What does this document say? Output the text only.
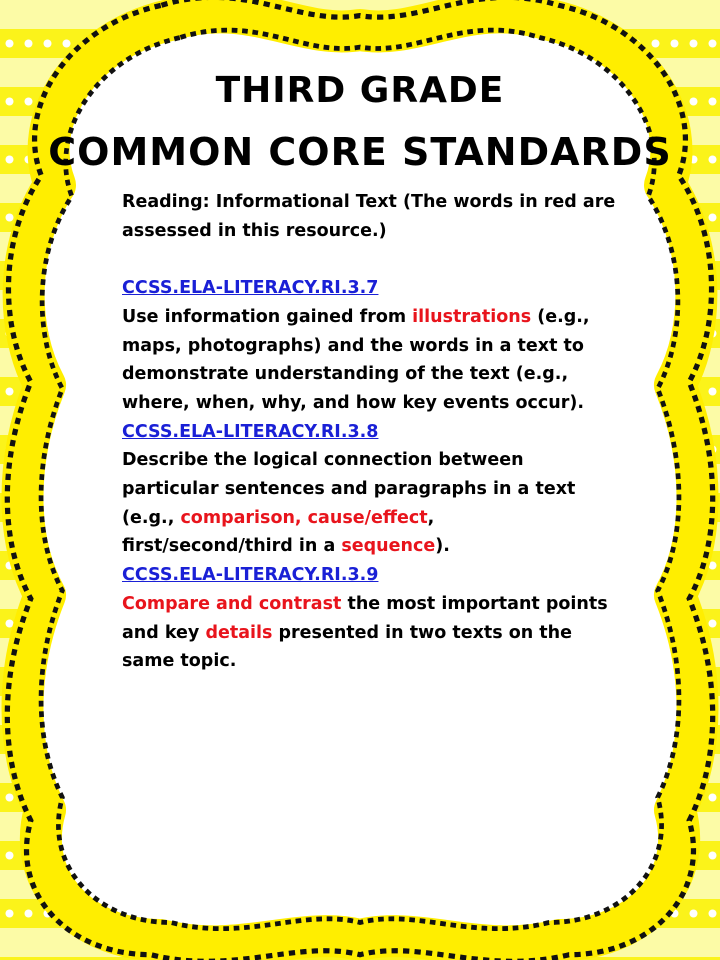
THIRD GRADE
COMMON CORE STANDARDS

Reading: Informational Text (The words in red are

assessed in this resource.)

CCSS.ELA-LITERACY.RI.3.7

Use information gained from illustrations (e.g.,

maps, photographs) and the words in a text to

demonstrate understanding of the text (e.g.,

where, when, why, and how key events occur).

CCSS.ELA-LITERACY.RI.3.8

Describe the logical connection between

particular sentences and paragraphs in a text

(e.g., comparison, cause/effect,

first/second/third in a sequence).

CCSS.ELA-LITERACY.RI.3.9

Compare and contrast the most important points

and key details presented in two texts on the

same topic.
